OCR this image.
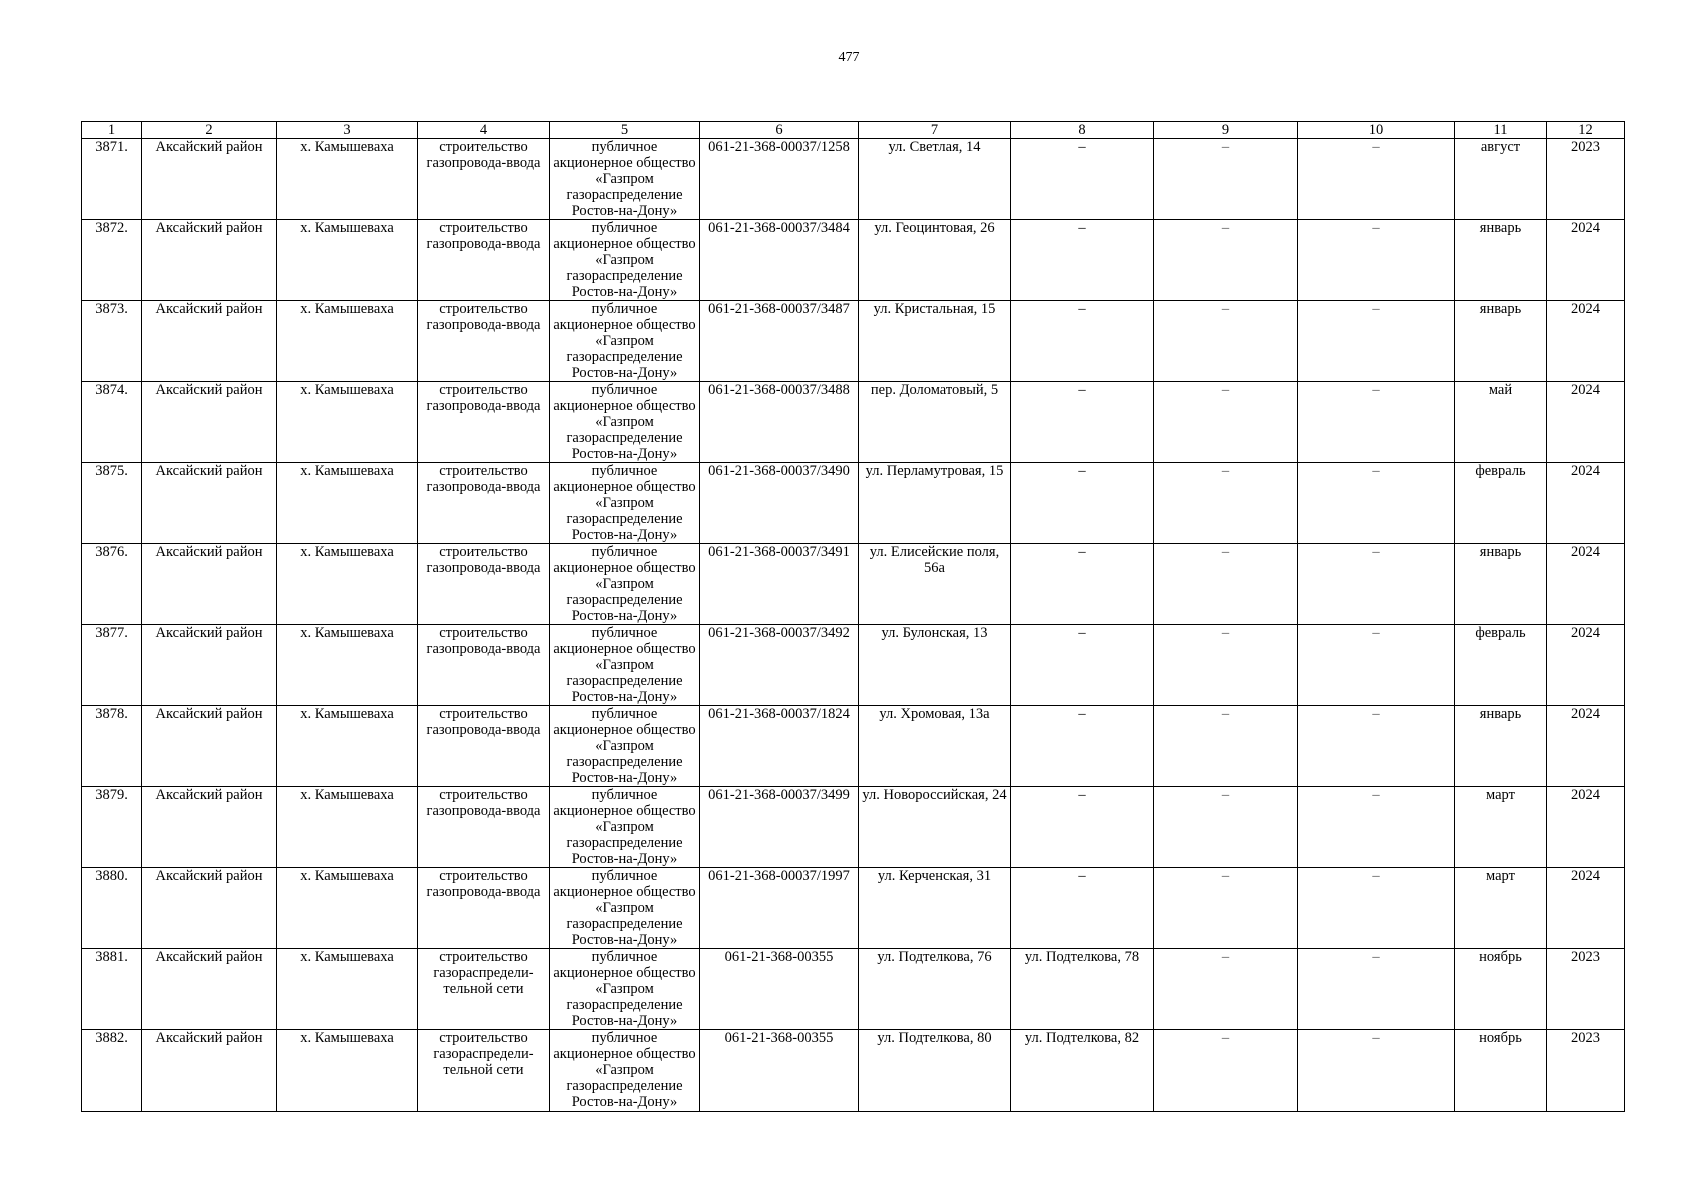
477
1	2	3	4	5	6	7	8	9	10	11	12
3871.	Аксайский район	х. Камышеваха	строительство газопровода-ввода	публичное акционерное общество «Газпром газораспределение Ростов-на-Дону»	061-21-368-00037/1258	ул. Светлая, 14	–	–	–	август	2023
3872.	Аксайский район	х. Камышеваха	строительство газопровода-ввода	публичное акционерное общество «Газпром газораспределение Ростов-на-Дону»	061-21-368-00037/3484	ул. Геоцинтовая, 26	–	–	–	январь	2024
3873.	Аксайский район	х. Камышеваха	строительство газопровода-ввода	публичное акционерное общество «Газпром газораспределение Ростов-на-Дону»	061-21-368-00037/3487	ул. Кристальная, 15	–	–	–	январь	2024
3874.	Аксайский район	х. Камышеваха	строительство газопровода-ввода	публичное акционерное общество «Газпром газораспределение Ростов-на-Дону»	061-21-368-00037/3488	пер. Доломатовый, 5	–	–	–	май	2024
3875.	Аксайский район	х. Камышеваха	строительство газопровода-ввода	публичное акционерное общество «Газпром газораспределение Ростов-на-Дону»	061-21-368-00037/3490	ул. Перламутровая, 15	–	–	–	февраль	2024
3876.	Аксайский район	х. Камышеваха	строительство газопровода-ввода	публичное акционерное общество «Газпром газораспределение Ростов-на-Дону»	061-21-368-00037/3491	ул. Елисейские поля, 56а	–	–	–	январь	2024
3877.	Аксайский район	х. Камышеваха	строительство газопровода-ввода	публичное акционерное общество «Газпром газораспределение Ростов-на-Дону»	061-21-368-00037/3492	ул. Булонская, 13	–	–	–	февраль	2024
3878.	Аксайский район	х. Камышеваха	строительство газопровода-ввода	публичное акционерное общество «Газпром газораспределение Ростов-на-Дону»	061-21-368-00037/1824	ул. Хромовая, 13а	–	–	–	январь	2024
3879.	Аксайский район	х. Камышеваха	строительство газопровода-ввода	публичное акционерное общество «Газпром газораспределение Ростов-на-Дону»	061-21-368-00037/3499	ул. Новороссийская, 24	–	–	–	март	2024
3880.	Аксайский район	х. Камышеваха	строительство газопровода-ввода	публичное акционерное общество «Газпром газораспределение Ростов-на-Дону»	061-21-368-00037/1997	ул. Керченская, 31	–	–	–	март	2024
3881.	Аксайский район	х. Камышеваха	строительство газораспредели-тельной сети	публичное акционерное общество «Газпром газораспределение Ростов-на-Дону»	061-21-368-00355	ул. Подтелкова, 76	ул. Подтелкова, 78	–	–	ноябрь	2023
3882.	Аксайский район	х. Камышеваха	строительство газораспредели-тельной сети	публичное акционерное общество «Газпром газораспределение Ростов-на-Дону»	061-21-368-00355	ул. Подтелкова, 80	ул. Подтелкова, 82	–	–	ноябрь	2023
